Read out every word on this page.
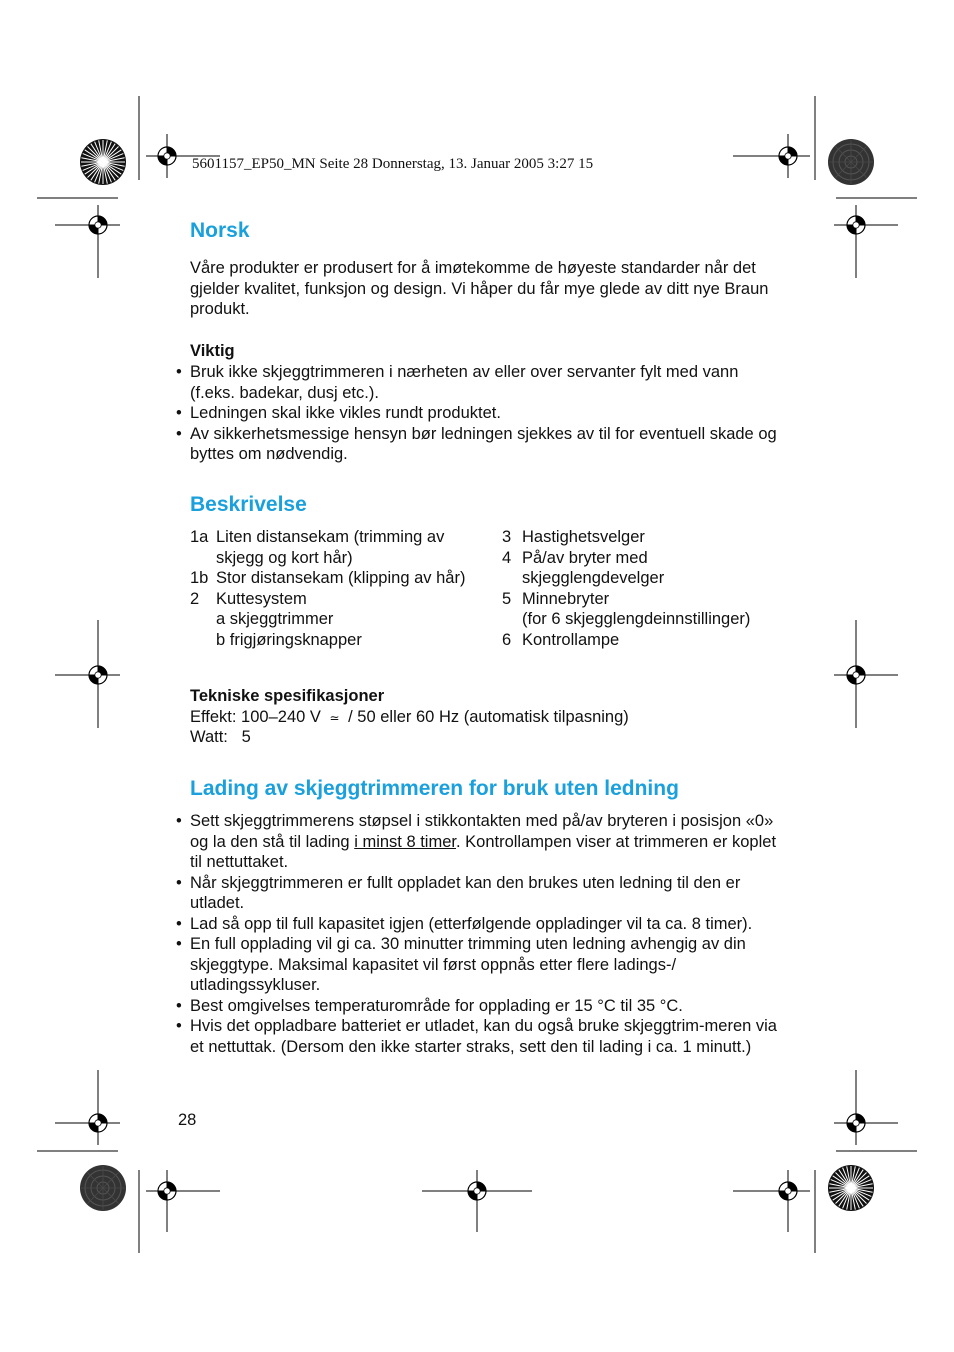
5601157_EP50_MN Seite 28 Donnerstag, 13. Januar 2005 3:27 15
Norsk
Våre produkter er produsert for å imøtekomme de høyeste standarder når det gjelder kvalitet, funksjon og design. Vi håper du får mye glede av ditt nye Braun produkt.
Viktig
• Bruk ikke skjeggtrimmeren i nærheten av eller over servanter fylt med vann (f.eks. badekar, dusj etc.).
• Ledningen skal ikke vikles rundt produktet.
• Av sikkerhetsmessige hensyn bør ledningen sjekkes av til for eventuell skade og byttes om nødvendig.
Beskrivelse
1a Liten distansekam (trimming av
skjegg og kort hår)
1b Stor distansekam (klipping av hår)
2 Kuttesystem
a skjeggtrimmer
b frigjøringsknapper
3 Hastighetsvelger
4 På/av bryter med
skjegglengdevelger
5 Minnebryter
(for 6 skjegglengdeinnstillinger)
6 Kontrollampe
Tekniske spesifikasjoner
Effekt: 100–240 V ≃ / 50 eller 60 Hz (automatisk tilpasning)
Watt:   5
Lading av skjeggtrimmeren for bruk uten ledning
• Sett skjeggtrimmerens støpsel i stikkontakten med på/av bryteren i posisjon «0» og la den stå til lading i minst 8 timer. Kontrollampen viser at trimmeren er koplet til nettuttaket.
• Når skjeggtrimmeren er fullt oppladet kan den brukes uten ledning til den er utladet.
• Lad så opp til full kapasitet igjen (etterfølgende oppladinger vil ta ca. 8 timer).
• En full opplading vil gi ca. 30 minutter trimming uten ledning avhengig av din skjeggtype. Maksimal kapasitet vil først oppnås etter flere ladings-/ utladingssykluser.
• Best omgivelses temperaturområde for opplading er 15 °C til 35 °C.
• Hvis det oppladbare batteriet er utladet, kan du også bruke skjeggtrim-meren via et nettuttak. (Dersom den ikke starter straks, sett den til lading i ca. 1 minutt.)
28
